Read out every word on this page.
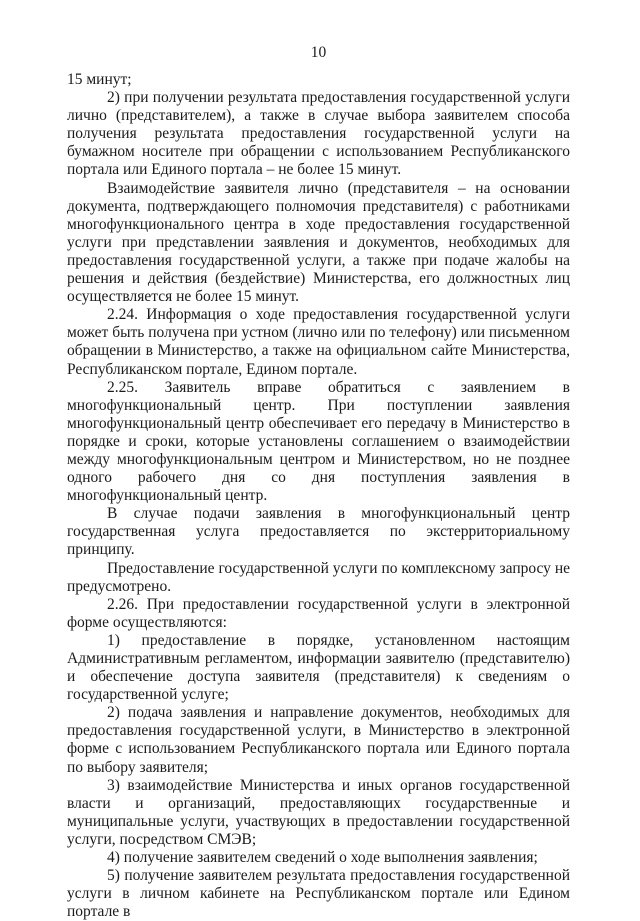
10

15 минут;

2) при получении результата предоставления государственной услуги лично (представителем), а также в случае выбора заявителем способа получения результата предоставления государственной услуги на бумажном носителе при обращении с использованием Республиканского портала или Единого портала – не более 15 минут.

Взаимодействие заявителя лично (представителя – на основании документа, подтверждающего полномочия представителя) с работниками многофункционального центра в ходе предоставления государственной услуги при представлении заявления и документов, необходимых для предоставления государственной услуги, а также при подаче жалобы на решения и действия (бездействие) Министерства, его должностных лиц осуществляется не более 15 минут.

2.24. Информация о ходе предоставления государственной услуги может быть получена при устном (лично или по телефону) или письменном обращении в Министерство, а также на официальном сайте Министерства, Республиканском портале, Едином портале.

2.25. Заявитель вправе обратиться с заявлением в многофункциональный центр. При поступлении заявления многофункциональный центр обеспечивает его передачу в Министерство в порядке и сроки, которые установлены соглашением о взаимодействии между многофункциональным центром и Министерством, но не позднее одного рабочего дня со дня поступления заявления в многофункциональный центр.

В случае подачи заявления в многофункциональный центр государственная услуга предоставляется по экстерриториальному принципу.

Предоставление государственной услуги по комплексному запросу не предусмотрено.

2.26. При предоставлении государственной услуги в электронной форме осуществляются:

1) предоставление в порядке, установленном настоящим Административным регламентом, информации заявителю (представителю) и обеспечение доступа заявителя (представителя) к сведениям о государственной услуге;

2) подача заявления и направление документов, необходимых для предоставления государственной услуги, в Министерство в электронной форме с использованием Республиканского портала или Единого портала по выбору заявителя;

3) взаимодействие Министерства и иных органов государственной власти и организаций, предоставляющих государственные и муниципальные услуги, участвующих в предоставлении государственной услуги, посредством СМЭВ;

4) получение заявителем сведений о ходе выполнения заявления;

5) получение заявителем результата предоставления государственной услуги в личном кабинете на Республиканском портале или Едином портале в
